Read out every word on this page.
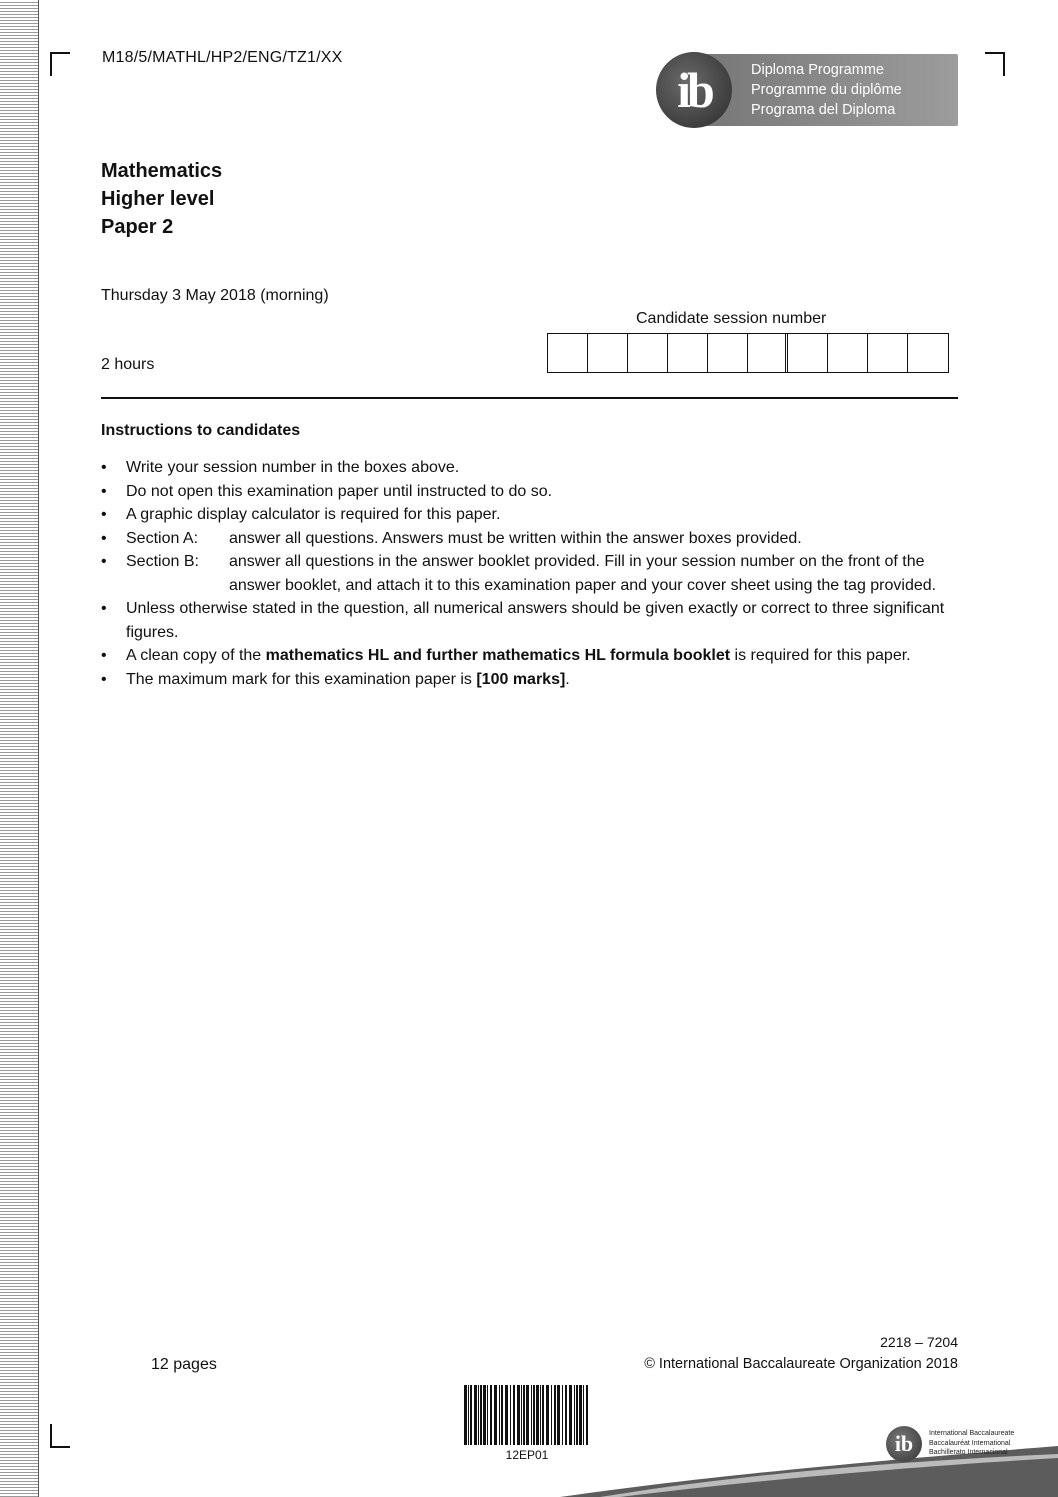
M18/5/MATHL/HP2/ENG/TZ1/XX
ib	Diploma Programme
Programme du diplôme
Programa del Diploma
Mathematics
Higher level
Paper 2
Thursday 3 May 2018 (morning)
2 hours
Candidate session number
Instructions to candidates
•	Write your session number in the boxes above.
•	Do not open this examination paper until instructed to do so.
•	A graphic display calculator is required for this paper.
•	Section A:	answer all questions. Answers must be written within the answer boxes provided.
•	Section B:	answer all questions in the answer booklet provided. Fill in your session number on the front of the answer booklet, and attach it to this examination paper and your cover sheet using the tag provided.
•	Unless otherwise stated in the question, all numerical answers should be given exactly or correct to three significant figures.
•	A clean copy of the mathematics HL and further mathematics HL formula booklet is required for this paper.
•	The maximum mark for this examination paper is [100 marks].
12 pages
2218 – 7204
© International Baccalaureate Organization 2018
12EP01	ib	International Baccalaureate
Baccalauréat International
Bachillerato Internacional
